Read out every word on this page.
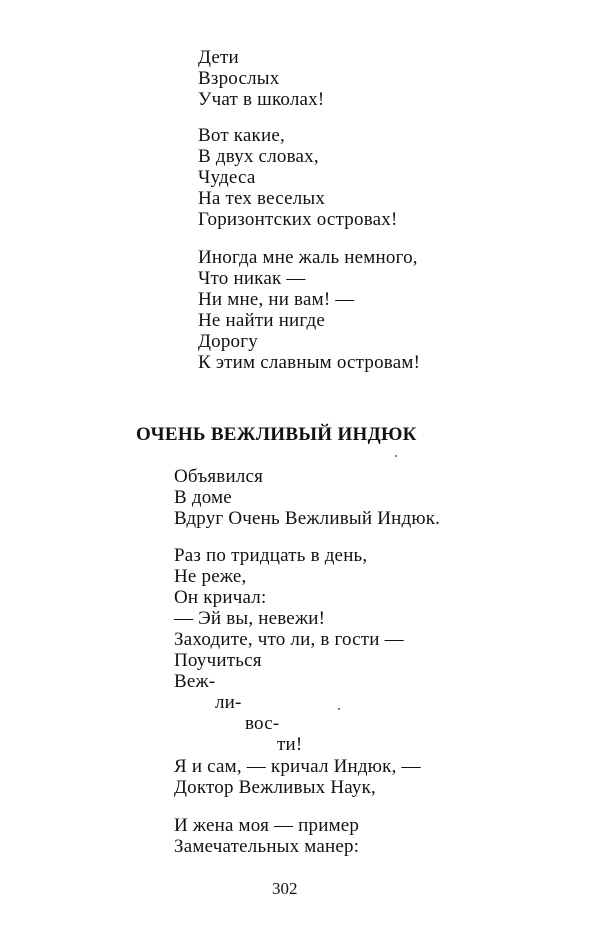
Дети
Взрослых
Учат в школах!
Вот какие,
В двух словах,
Чудеса
На тех веселых
Горизонтских островах!
Иногда мне жаль немного,
Что никак —
Ни мне, ни вам! —
Не найти нигде
Дорогу
К этим славным островам!
ОЧЕНЬ ВЕЖЛИВЫЙ ИНДЮК
Объявился
В доме
Вдруг Очень Вежливый Индюк.
Раз по тридцать в день,
Не реже,
Он кричал:
— Эй вы, невежи!
Заходите, что ли, в гости —
Поучиться
Веж-
ли-
вос-
ти!
Я и сам, — кричал Индюк, —
Доктор Вежливых Наук,
И жена моя — пример
Замечательных манер:
302
